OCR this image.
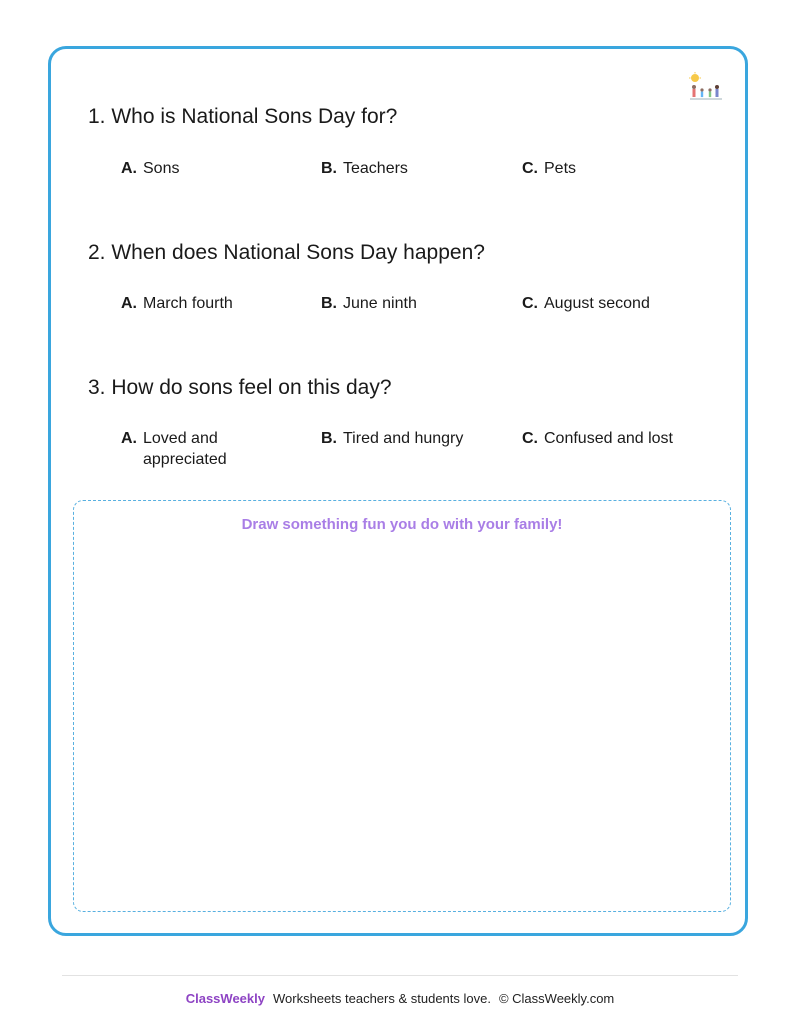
1. Who is National Sons Day for?
A. Sons	B. Teachers	C. Pets
2. When does National Sons Day happen?
A. March fourth	B. June ninth	C. August second
3. How do sons feel on this day?
A. Loved and appreciated
B. Tired and hungry	C. Confused and lost
Draw something fun you do with your family!
ClassWeekly Worksheets teachers & students love. © ClassWeekly.com
